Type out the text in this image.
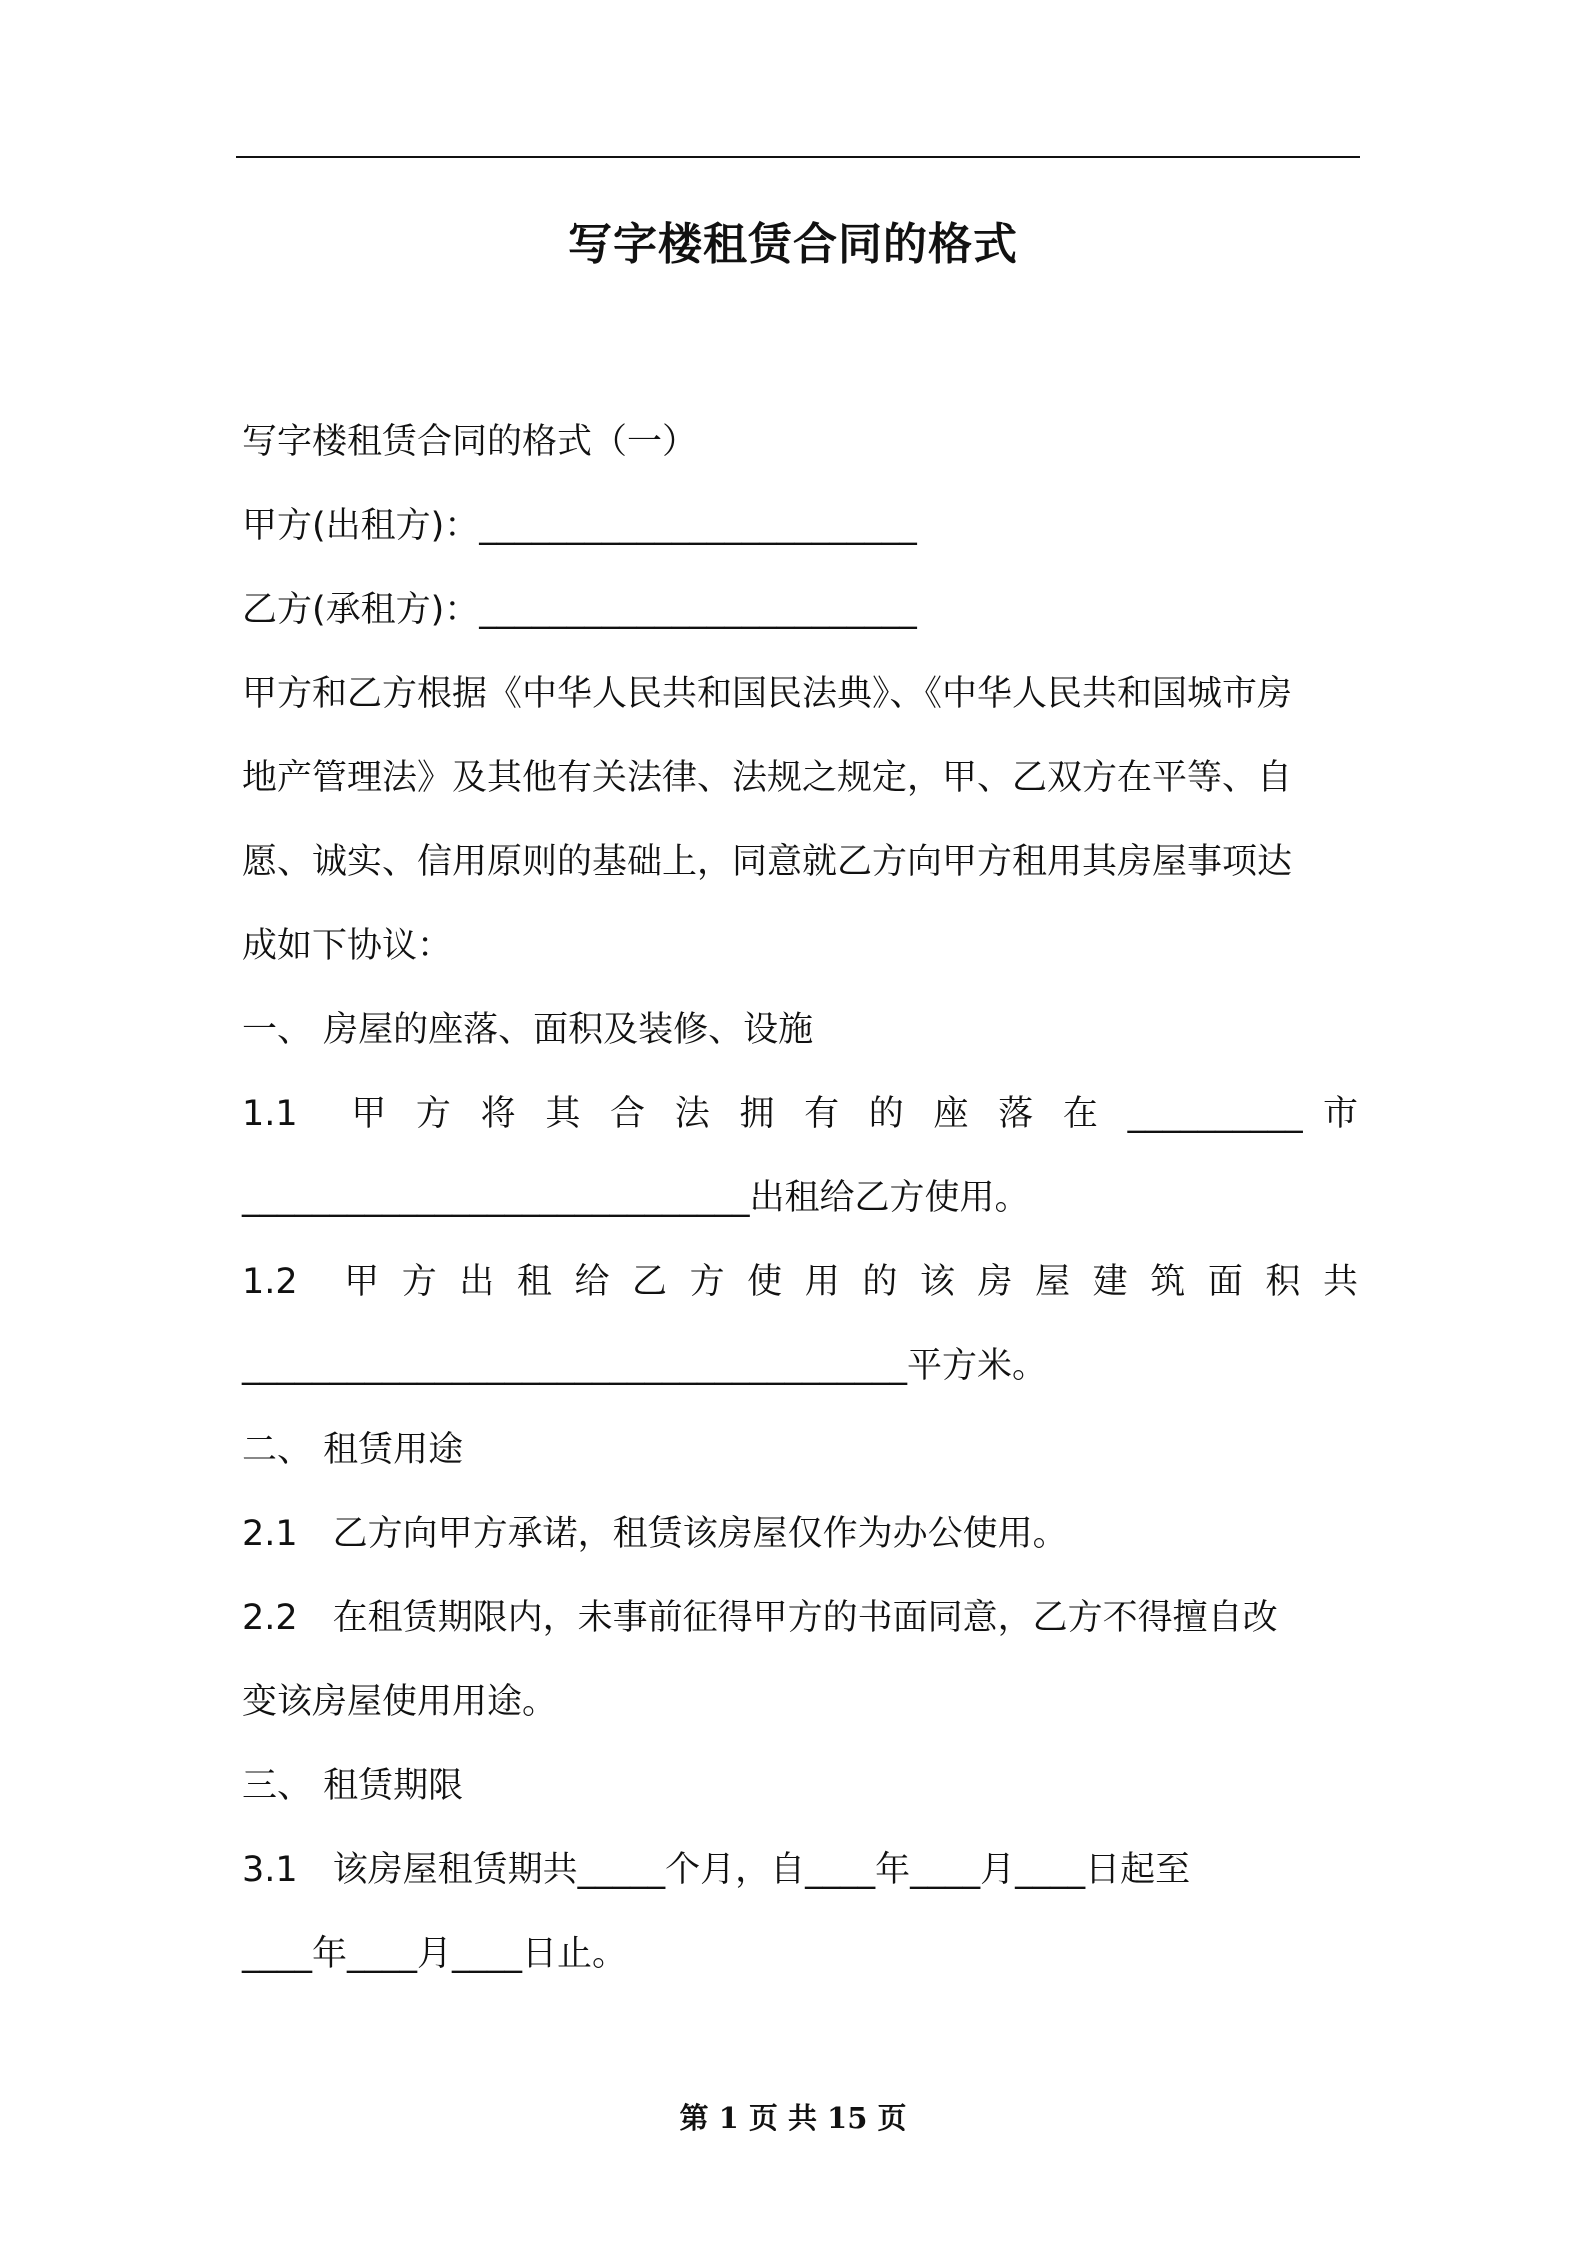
写字楼租赁合同的格式
写字楼租赁合同的格式（一）
甲方(出租方)：_________________________
乙方(承租方)：_________________________
甲方和乙方根据《中华人民共和国民法典》、《中华人民共和国城市房
地产管理法》及其他有关法律、法规之规定，甲、乙双方在平等、自
愿、诚实、信用原则的基础上，同意就乙方向甲方租用其房屋事项达
成如下协议：
一、 房屋的座落、面积及装修、设施
1.1　甲 方 将 其 合 法 拥 有 的 座 落 在 __________ 市
_____________________________出租给乙方使用。
1.2　甲 方 出 租 给 乙 方 使 用 的 该 房 屋 建 筑 面 积 共
______________________________________平方米。
二、 租赁用途
2.1　乙方向甲方承诺，租赁该房屋仅作为办公使用。
2.2　在租赁期限内，未事前征得甲方的书面同意，乙方不得擅自改
变该房屋使用用途。
三、 租赁期限
3.1　该房屋租赁期共_____个月，自____年____月____日起至
____年____月____日止。
第 1 页 共 15 页
